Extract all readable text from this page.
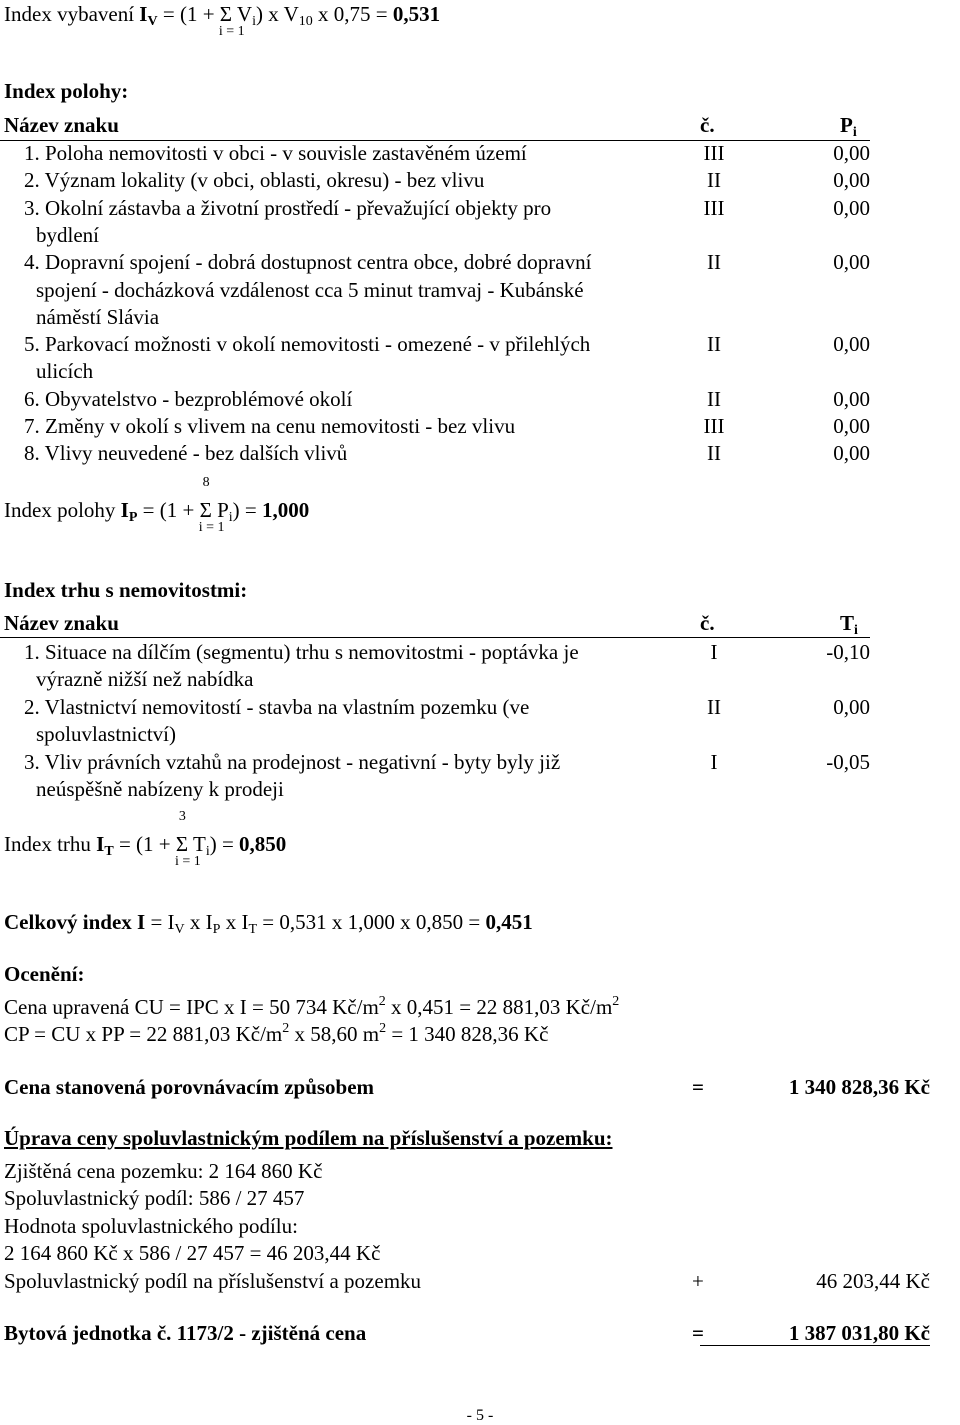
Index vybavení $I_V = (1 + \Sigma$
i = 1
$V_i$) x $V_{10}$ x 0,75 = 0,531
Index polohy:
Název znaku	č.	$P_i$
1. Poloha nemovitosti v obci - v souvisle zastavěném území	III	0,00
2. Význam lokality (v obci, oblasti, okresu) - bez vlivu	II	0,00
3. Okolní zástavba a životní prostředí - převažující objekty pro
bydlení
III	0,00
4. Dopravní spojení - dobrá dostupnost centra obce, dobré dopravní
spojení - docházková vzdálenost cca 5 minut tramvaj - Kubánské
náměstí Slávia
II	0,00
5. Parkovací možnosti v okolí nemovitosti - omezené - v přilehlých
ulicích
II	0,00
6. Obyvatelstvo - bezproblémové okolí	II	0,00
7. Změny v okolí s vlivem na cenu nemovitosti - bez vlivu	III	0,00
8. Vlivy neuvedené - bez dalších vlivů	II	0,00
Index polohy $I_P = (1$ +
8
Σ
i = 1
$P_i) = 1,000$
Index trhu s nemovitostmi:
Název znaku	č.	$T_i$
1. Situace na dílčím (segmentu) trhu s nemovitostmi - poptávka je
výrazně nižší než nabídka
I	-0,10
2. Vlastnictví nemovitostí - stavba na vlastním pozemku (ve
spoluvlastnictví)
II	0,00
3. Vliv právních vztahů na prodejnost - negativní - byty byly již
neúspěšně nabízeny k prodeji
I	-0,05
Index trhu $I_T = (1$ +
3
Σ
i = 1
$T_i) = 0,850$
Celkový index $I = I_V$ x $I_P$ x $I_T = 0,531$ x 1,000 x 0,850 = 0,451
Ocenění:
Cena upravená CU = IPC x I = 50 734 $Kč/m^2$ x 0,451 = 22 881,03 $Kč/m^2$
CP = CU x PP = 22 881,03 $Kč/m^2$ x 58,60 $m^2 = 1$ 340 828,36 Kč
Cena stanovená porovnávacím způsobem	=	1 340 828,36 Kč
Úprava ceny spoluvlastnickým podílem na příslušenství a pozemku:
Zjištěná cena pozemku: 2 164 860 Kč
Spoluvlastnický podíl: 586 / 27 457
Hodnota spoluvlastnického podílu:
2 164 860 Kč x 586 / 27 457 = 46 203,44 Kč
Spoluvlastnický podíl na příslušenství a pozemku	+	46 203,44 Kč
Bytová jednotka č. 1173/2 - zjištěná cena	=	1 387 031,80 Kč
- 5 -
